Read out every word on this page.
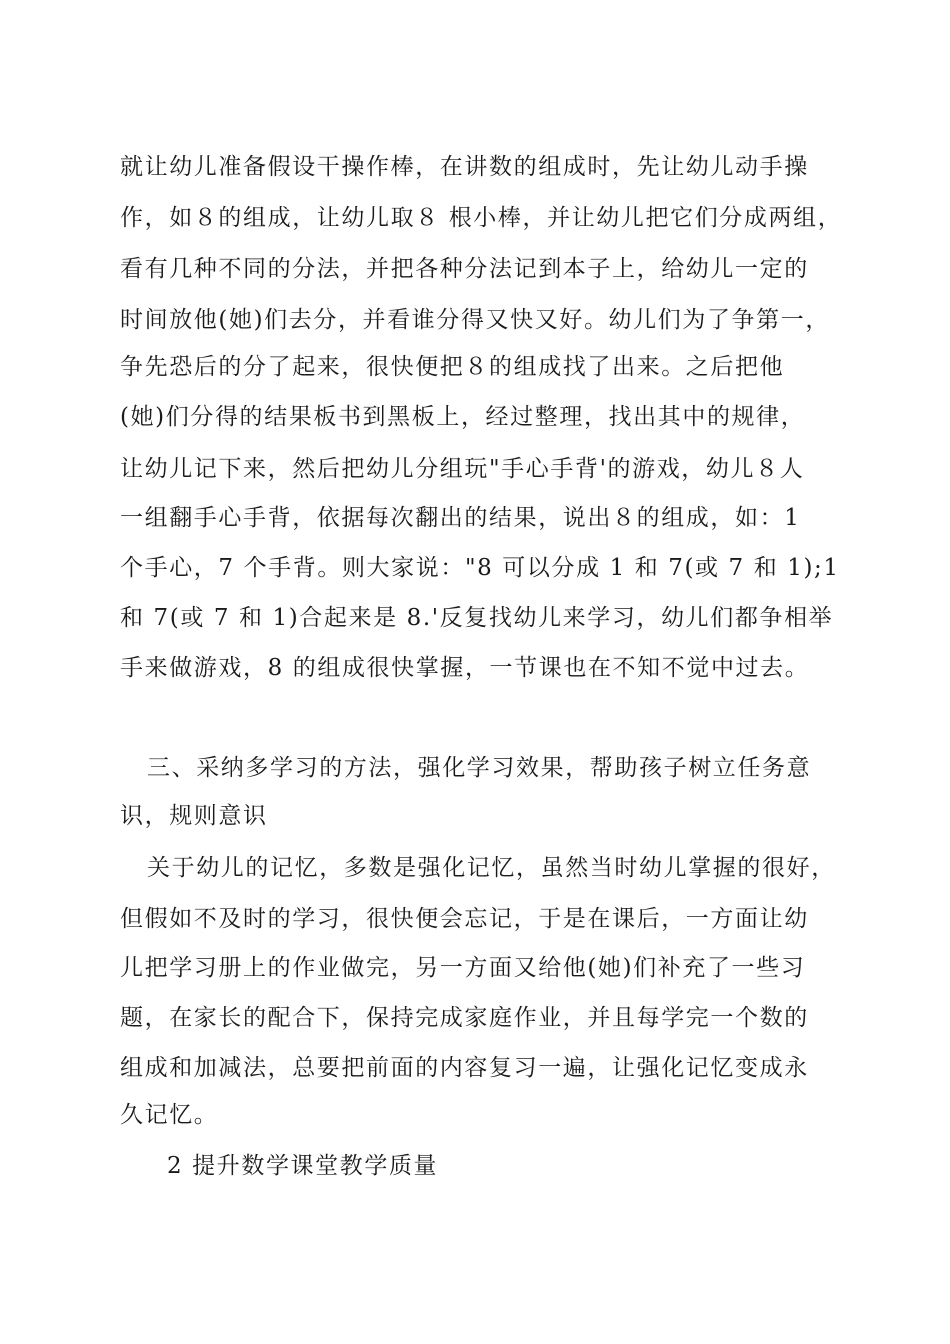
就让幼儿准备假设干操作棒，在讲数的组成时，先让幼儿动手操
作，如８的组成，让幼儿取８ 根小棒，并让幼儿把它们分成两组，
看有几种不同的分法，并把各种分法记到本子上，给幼儿一定的
时间放他(她)们去分，并看谁分得又快又好。幼儿们为了争第一，
争先恐后的分了起来，很快便把８的组成找了出来。之后把他
(她)们分得的结果板书到黑板上，经过整理，找出其中的规律，
让幼儿记下来，然后把幼儿分组玩"手心手背'的游戏，幼儿８人
一组翻手心手背，依据每次翻出的结果，说出８的组成，如：1
个手心，7 个手背。则大家说："8 可以分成 1 和 7(或 7 和 1);1
和 7(或 7 和 1)合起来是 8.'反复找幼儿来学习，幼儿们都争相举
手来做游戏，8 的组成很快掌握，一节课也在不知不觉中过去。
三、采纳多学习的方法，强化学习效果，帮助孩子树立任务意
识，规则意识
关于幼儿的记忆，多数是强化记忆，虽然当时幼儿掌握的很好，
但假如不及时的学习，很快便会忘记，于是在课后，一方面让幼
儿把学习册上的作业做完，另一方面又给他(她)们补充了一些习
题，在家长的配合下，保持完成家庭作业，并且每学完一个数的
组成和加减法，总要把前面的内容复习一遍，让强化记忆变成永
久记忆。
2 提升数学课堂教学质量
